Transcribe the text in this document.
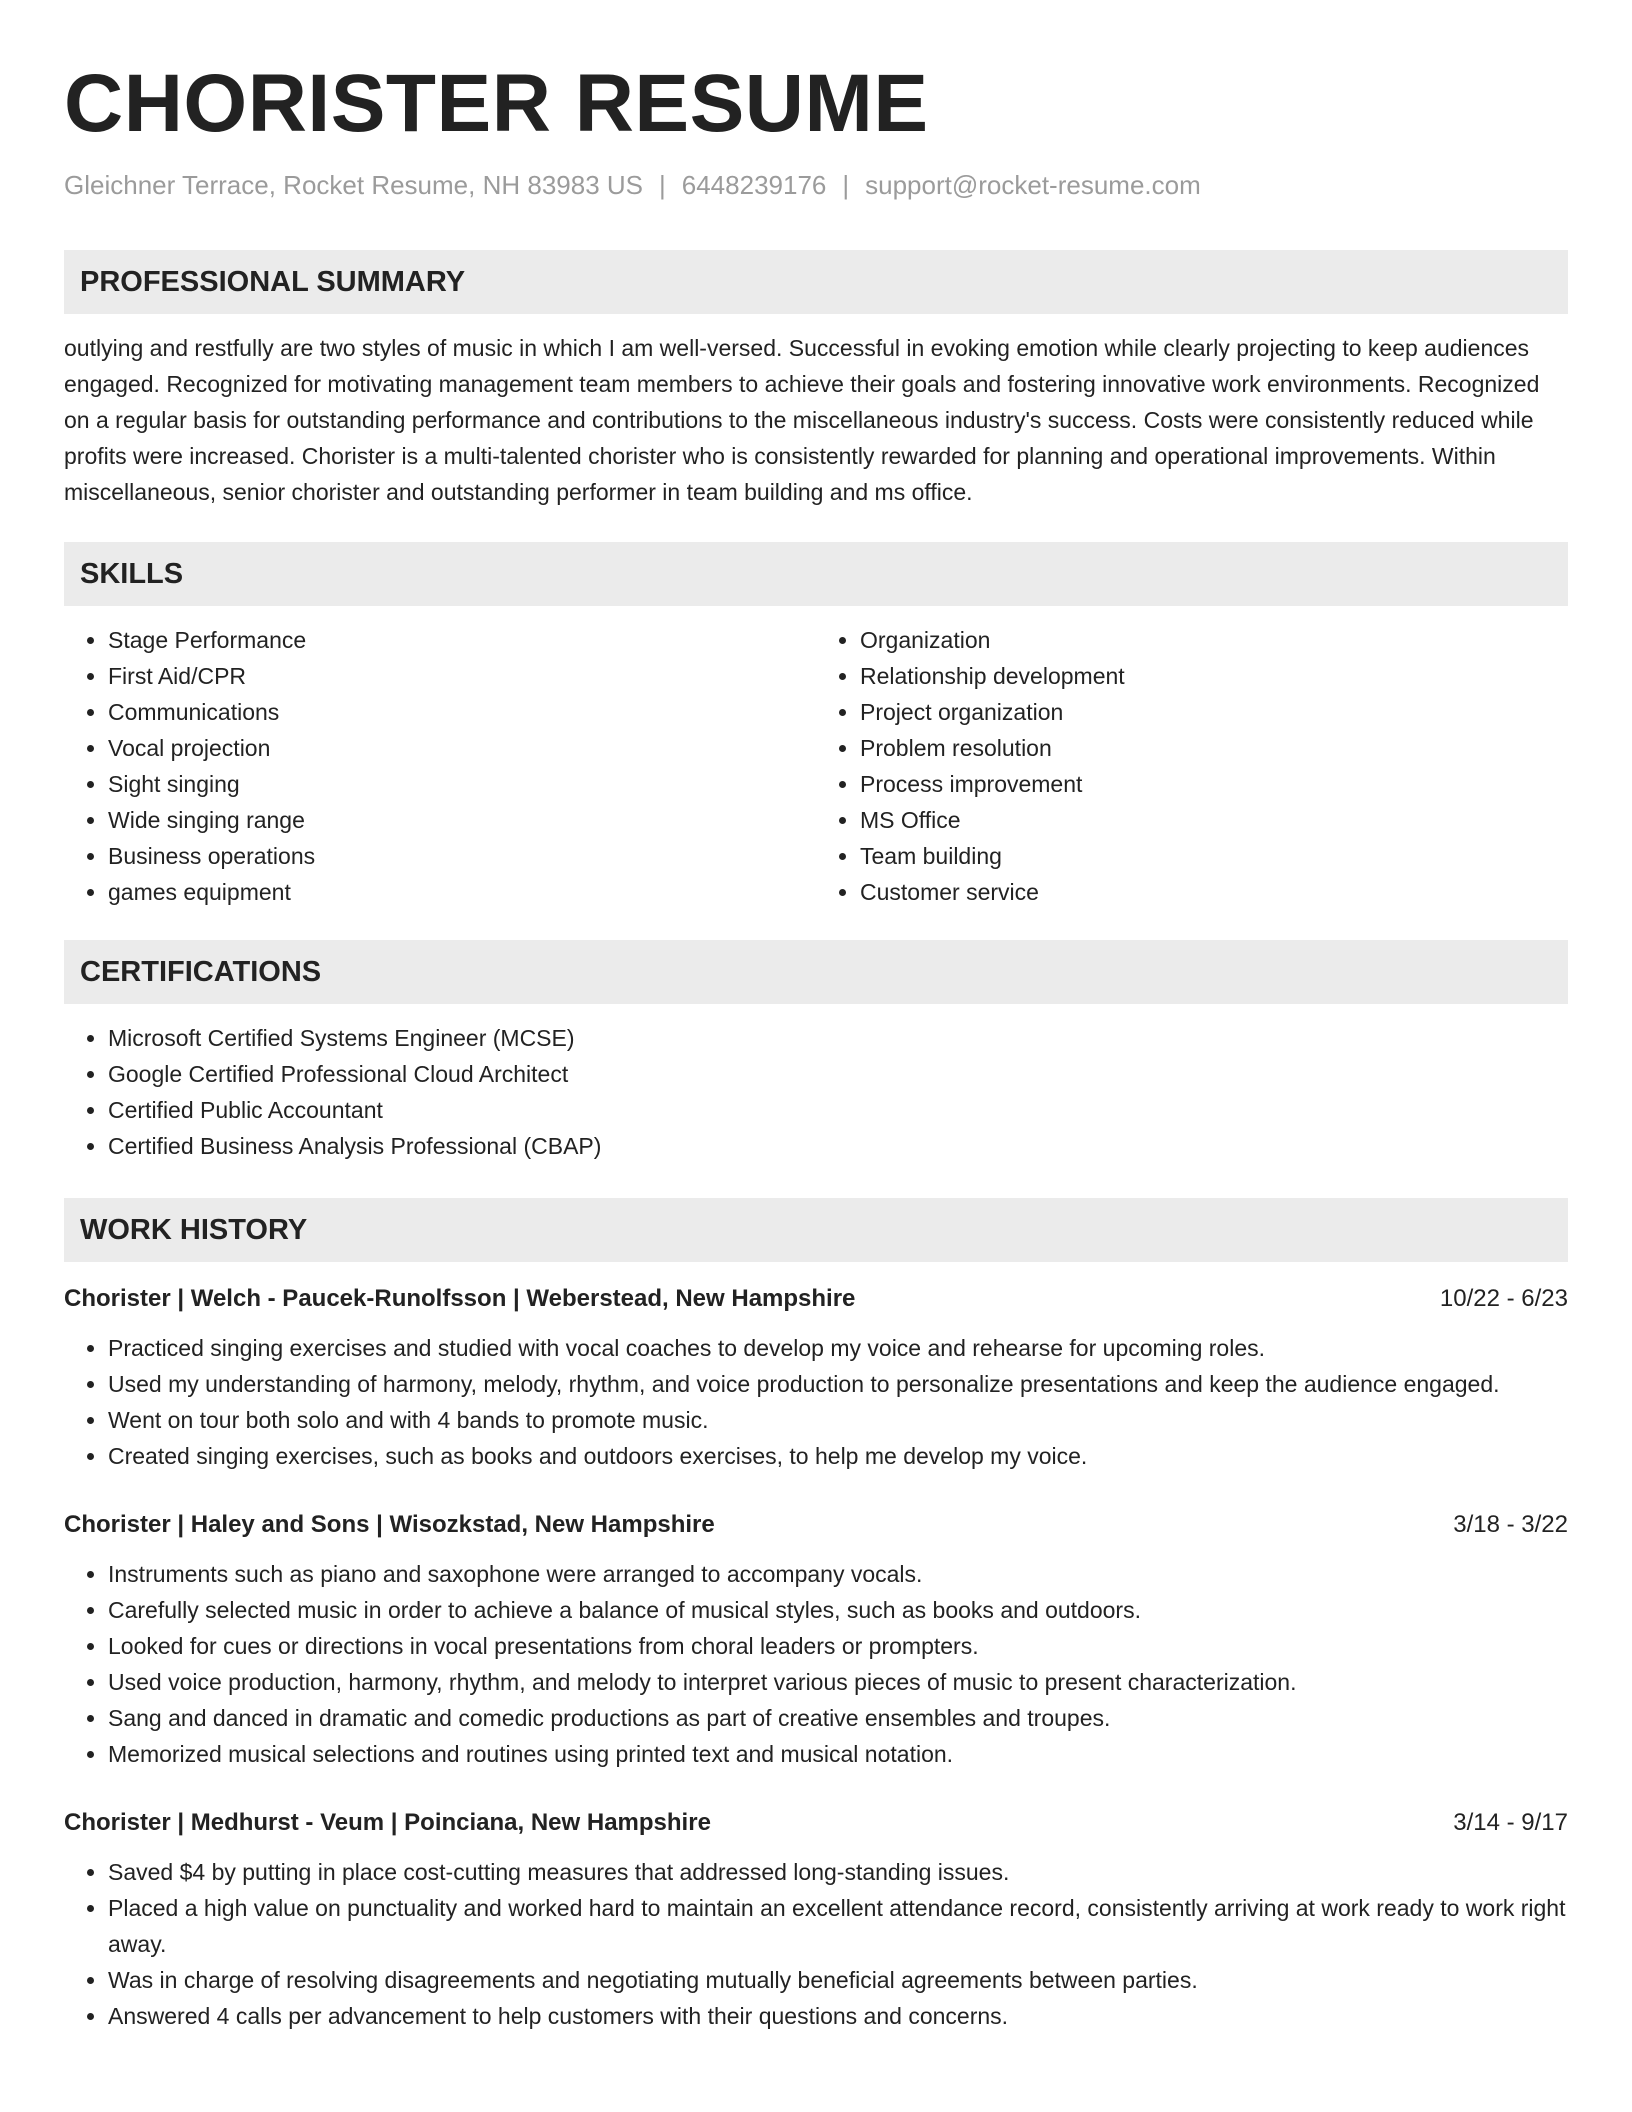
CHORISTER RESUME
Gleichner Terrace, Rocket Resume, NH 83983 US | 6448239176 | support@rocket-resume.com
PROFESSIONAL SUMMARY

outlying and restfully are two styles of music in which I am well-versed. Successful in evoking emotion while clearly projecting to keep audiences engaged. Recognized for motivating management team members to achieve their goals and fostering innovative work environments. Recognized on a regular basis for outstanding performance and contributions to the miscellaneous industry's success. Costs were consistently reduced while profits were increased. Chorister is a multi-talented chorister who is consistently rewarded for planning and operational improvements. Within miscellaneous, senior chorister and outstanding performer in team building and ms office.

SKILLS
• Stage Performance
• First Aid/CPR
• Communications
• Vocal projection
• Sight singing
• Wide singing range
• Business operations
• games equipment
• Organization
• Relationship development
• Project organization
• Problem resolution
• Process improvement
• MS Office
• Team building
• Customer service
CERTIFICATIONS
• Microsoft Certified Systems Engineer (MCSE)
• Google Certified Professional Cloud Architect
• Certified Public Accountant
• Certified Business Analysis Professional (CBAP)
WORK HISTORY
Chorister | Welch - Paucek-Runolfsson | Weberstead, New Hampshire	10/22 - 6/23
• Practiced singing exercises and studied with vocal coaches to develop my voice and rehearse for upcoming roles.
• Used my understanding of harmony, melody, rhythm, and voice production to personalize presentations and keep the audience engaged.
• Went on tour both solo and with 4 bands to promote music.
• Created singing exercises, such as books and outdoors exercises, to help me develop my voice.
Chorister | Haley and Sons | Wisozkstad, New Hampshire	3/18 - 3/22
• Instruments such as piano and saxophone were arranged to accompany vocals.
• Carefully selected music in order to achieve a balance of musical styles, such as books and outdoors.
• Looked for cues or directions in vocal presentations from choral leaders or prompters.
• Used voice production, harmony, rhythm, and melody to interpret various pieces of music to present characterization.
• Sang and danced in dramatic and comedic productions as part of creative ensembles and troupes.
• Memorized musical selections and routines using printed text and musical notation.
Chorister | Medhurst - Veum | Poinciana, New Hampshire	3/14 - 9/17
• Saved $4 by putting in place cost-cutting measures that addressed long-standing issues.
• Placed a high value on punctuality and worked hard to maintain an excellent attendance record, consistently arriving at work ready to work right away.
• Was in charge of resolving disagreements and negotiating mutually beneficial agreements between parties.
• Answered 4 calls per advancement to help customers with their questions and concerns.
